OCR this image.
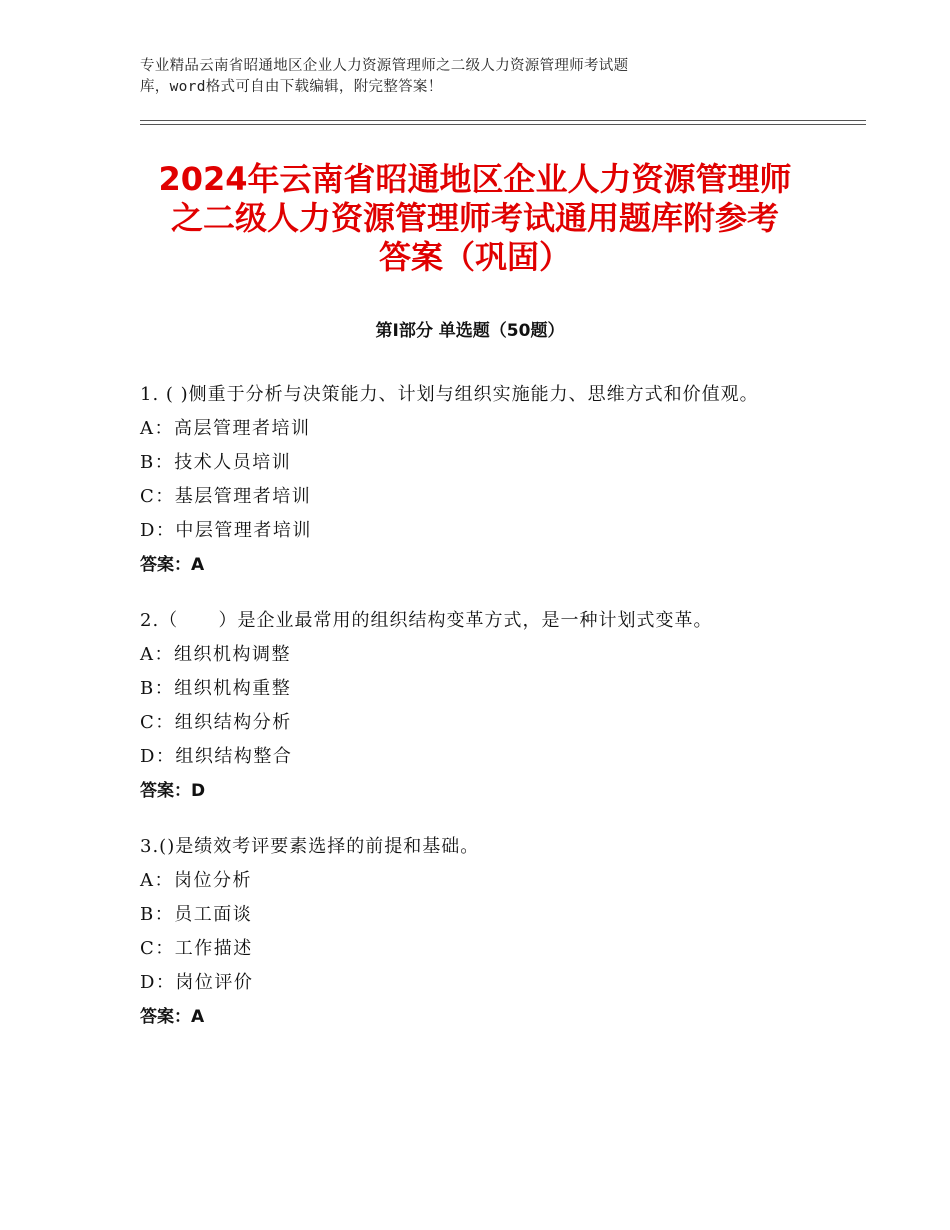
专业精品云南省昭通地区企业人力资源管理师之二级人力资源管理师考试题
库，word格式可自由下载编辑，附完整答案！
2024年云南省昭通地区企业人力资源管理师
之二级人力资源管理师考试通用题库附参考
答案（巩固）
第Ⅰ部分 单选题（50题）
1. ( )侧重于分析与决策能力、计划与组织实施能力、思维方式和价值观。
A：高层管理者培训
B：技术人员培训
C：基层管理者培训
D：中层管理者培训
答案：A
2.（      ）是企业最常用的组织结构变革方式，是一种计划式变革。
A：组织机构调整
B：组织机构重整
C：组织结构分析
D：组织结构整合
答案：D
3.()是绩效考评要素选择的前提和基础。
A：岗位分析
B：员工面谈
C：工作描述
D：岗位评价
答案：A
